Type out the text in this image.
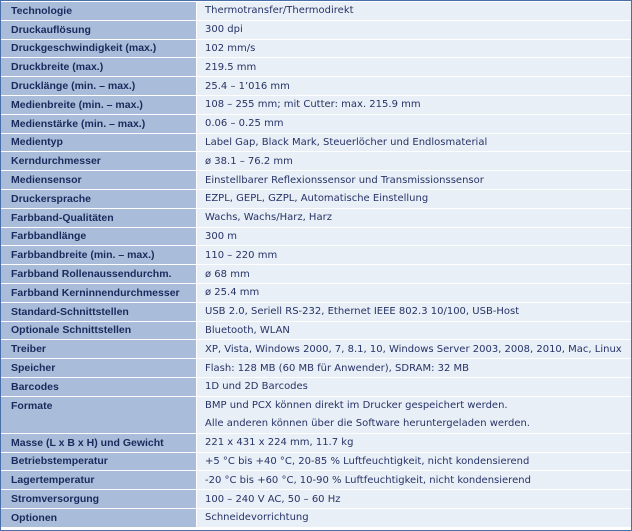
Technologie	Thermotransfer/Thermodirekt
Druckauflösung	300 dpi
Druckgeschwindigkeit (max.)	102 mm/s
Druckbreite (max.)	219.5 mm
Drucklänge (min. – max.)	25.4 – 1’016 mm
Medienbreite (min. – max.)	108 – 255 mm; mit Cutter: max. 215.9 mm
Medienstärke (min. – max.)	0.06 – 0.25 mm
Medientyp	Label Gap, Black Mark, Steuerlöcher und Endlosmaterial
Kerndurchmesser	ø 38.1 – 76.2 mm
Mediensensor	Einstellbarer Reflexionssensor und Transmissionssensor
Druckersprache	EZPL, GEPL, GZPL, Automatische Einstellung
Farbband-Qualitäten	Wachs, Wachs/Harz, Harz
Farbbandlänge	300 m
Farbbandbreite (min. – max.)	110 – 220 mm
Farbband Rollenaussendurchm.	ø 68 mm
Farbband Kerninnendurchmesser	ø 25.4 mm
Standard-Schnittstellen	USB 2.0, Seriell RS-232, Ethernet IEEE 802.3 10/100, USB-Host
Optionale Schnittstellen	Bluetooth, WLAN
Treiber	XP, Vista, Windows 2000, 7, 8.1, 10, Windows Server 2003, 2008, 2010, Mac, Linux
Speicher	Flash: 128 MB (60 MB für Anwender), SDRAM: 32 MB
Barcodes	1D und 2D Barcodes
Formate	BMP und PCX können direkt im Drucker gespeichert werden.
Alle anderen können über die Software heruntergeladen werden.

Masse (L x B x H) und Gewicht	221 x 431 x 224 mm, 11.7 kg
Betriebstemperatur	+5 °C bis +40 °C, 20-85 % Luftfeuchtigkeit, nicht kondensierend
Lagertemperatur	-20 °C bis +60 °C, 10-90 % Luftfeuchtigkeit, nicht kondensierend
Stromversorgung	100 – 240 V AC, 50 – 60 Hz
Optionen	Schneidevorrichtung
